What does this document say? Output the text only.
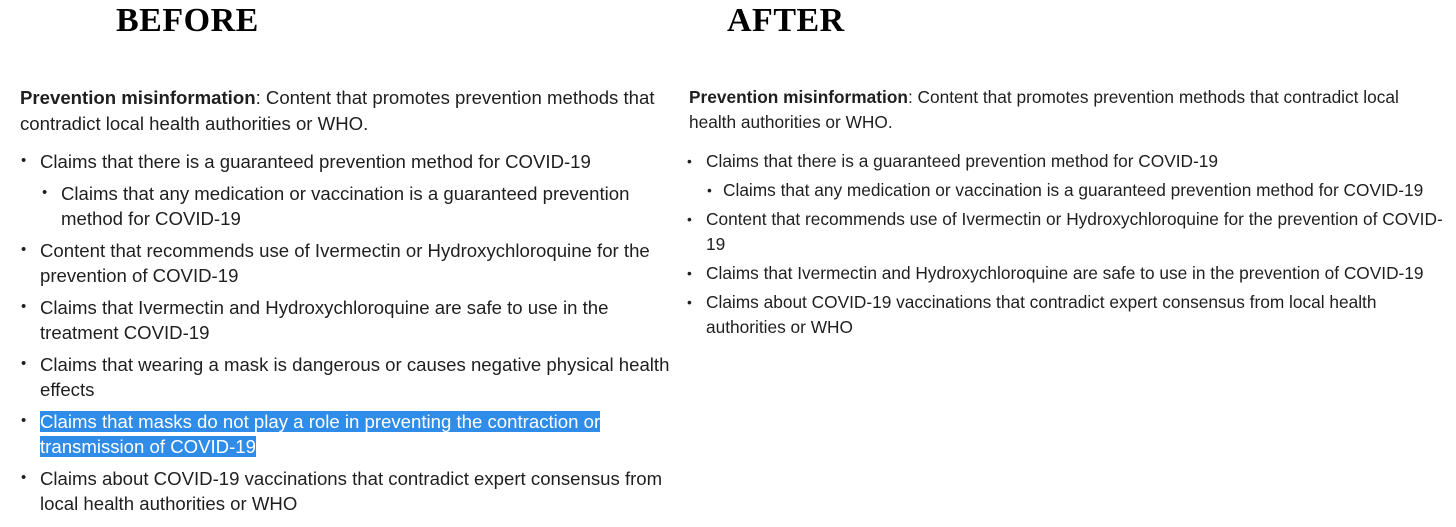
BEFORE	AFTER

Prevention misinformation: Content that promotes prevention methods that contradict local health authorities or WHO.

• Claims that there is a guaranteed prevention method for COVID-19
• Claims that any medication or vaccination is a guaranteed prevention method for COVID-19
• Content that recommends use of Ivermectin or Hydroxychloroquine for the prevention of COVID-19
• Claims that Ivermectin and Hydroxychloroquine are safe to use in the treatment COVID-19
• Claims that wearing a mask is dangerous or causes negative physical health effects
• Claims that masks do not play a role in preventing the contraction or transmission of COVID-19
• Claims about COVID-19 vaccinations that contradict expert consensus from local health authorities or WHO

Prevention misinformation: Content that promotes prevention methods that contradict local health authorities or WHO.

• Claims that there is a guaranteed prevention method for COVID-19
• Claims that any medication or vaccination is a guaranteed prevention method for COVID-19
• Content that recommends use of Ivermectin or Hydroxychloroquine for the prevention of COVID-19
• Claims that Ivermectin and Hydroxychloroquine are safe to use in the prevention of COVID-19
• Claims about COVID-19 vaccinations that contradict expert consensus from local health authorities or WHO
